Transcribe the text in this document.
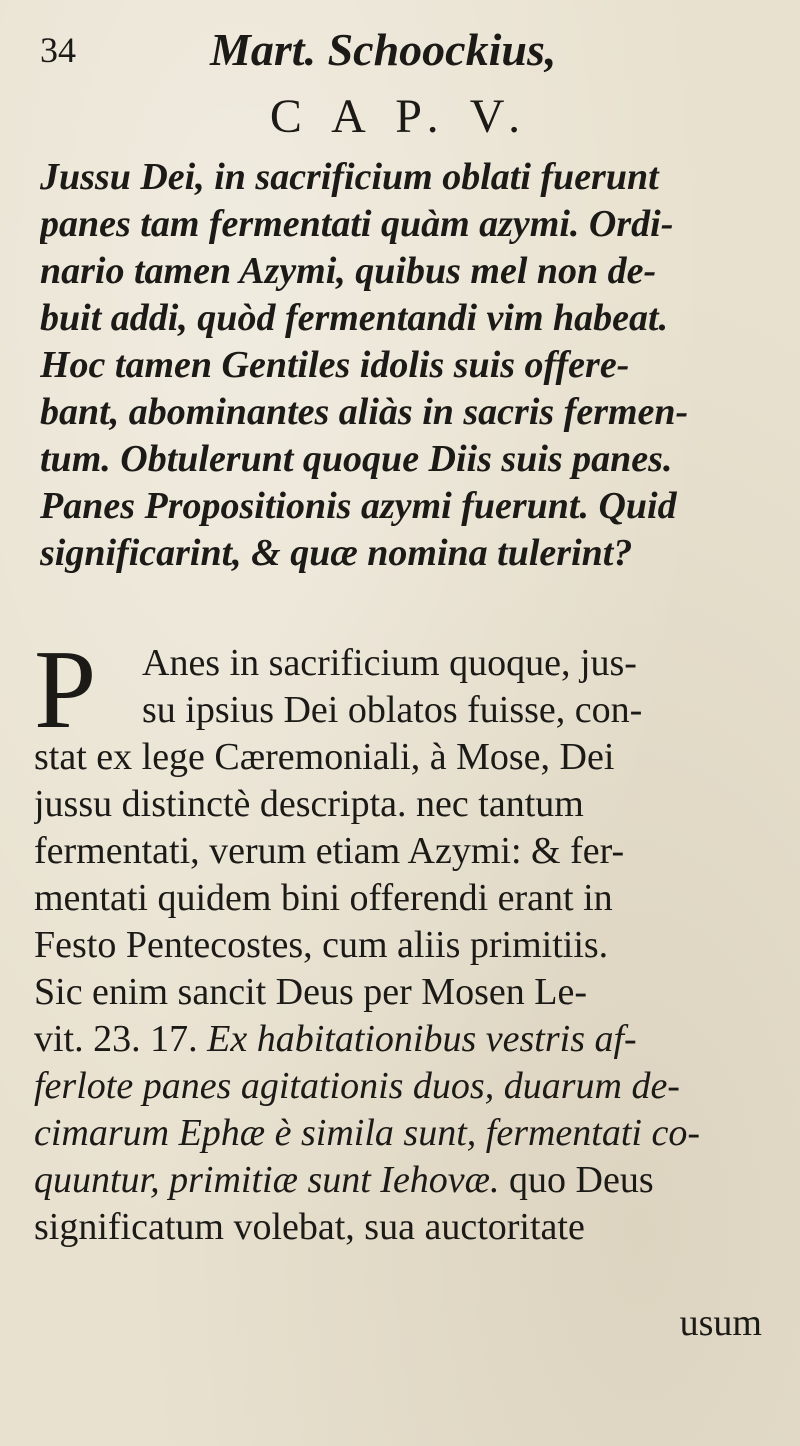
34	Mart. Schoockius,
C A P. V.
Jussu Dei, in sacrificium oblati fuerunt
panes tam fermentati quàm azymi. Ordi-
nario tamen Azymi, quibus mel non de-
buit addi, quòd fermentandi vim habeat.
Hoc tamen Gentiles idolis suis offere-
bant, abominantes aliàs in sacris fermen-
tum. Obtulerunt quoque Diis suis panes.
Panes Propositionis azymi fuerunt. Quid
significarint, & quæ nomina tulerint?
P	Anes in sacrificium quoque, jus-
su ipsius Dei oblatos fuisse, con-
stat ex lege Cæremoniali, à Mose, Dei
jussu distinctè descripta. nec tantum
fermentati, verum etiam Azymi: & fer-
mentati quidem bini offerendi erant in
Festo Pentecostes, cum aliis primitiis.
Sic enim sancit Deus per Mosen Le-
vit. 23. 17. Ex habitationibus vestris af-
ferlote panes agitationis duos, duarum de-
cimarum Ephæ è simila sunt, fermentati co-
quuntur, primitiæ sunt Iehovæ. quo Deus
significatum volebat, sua auctoritate
usum
